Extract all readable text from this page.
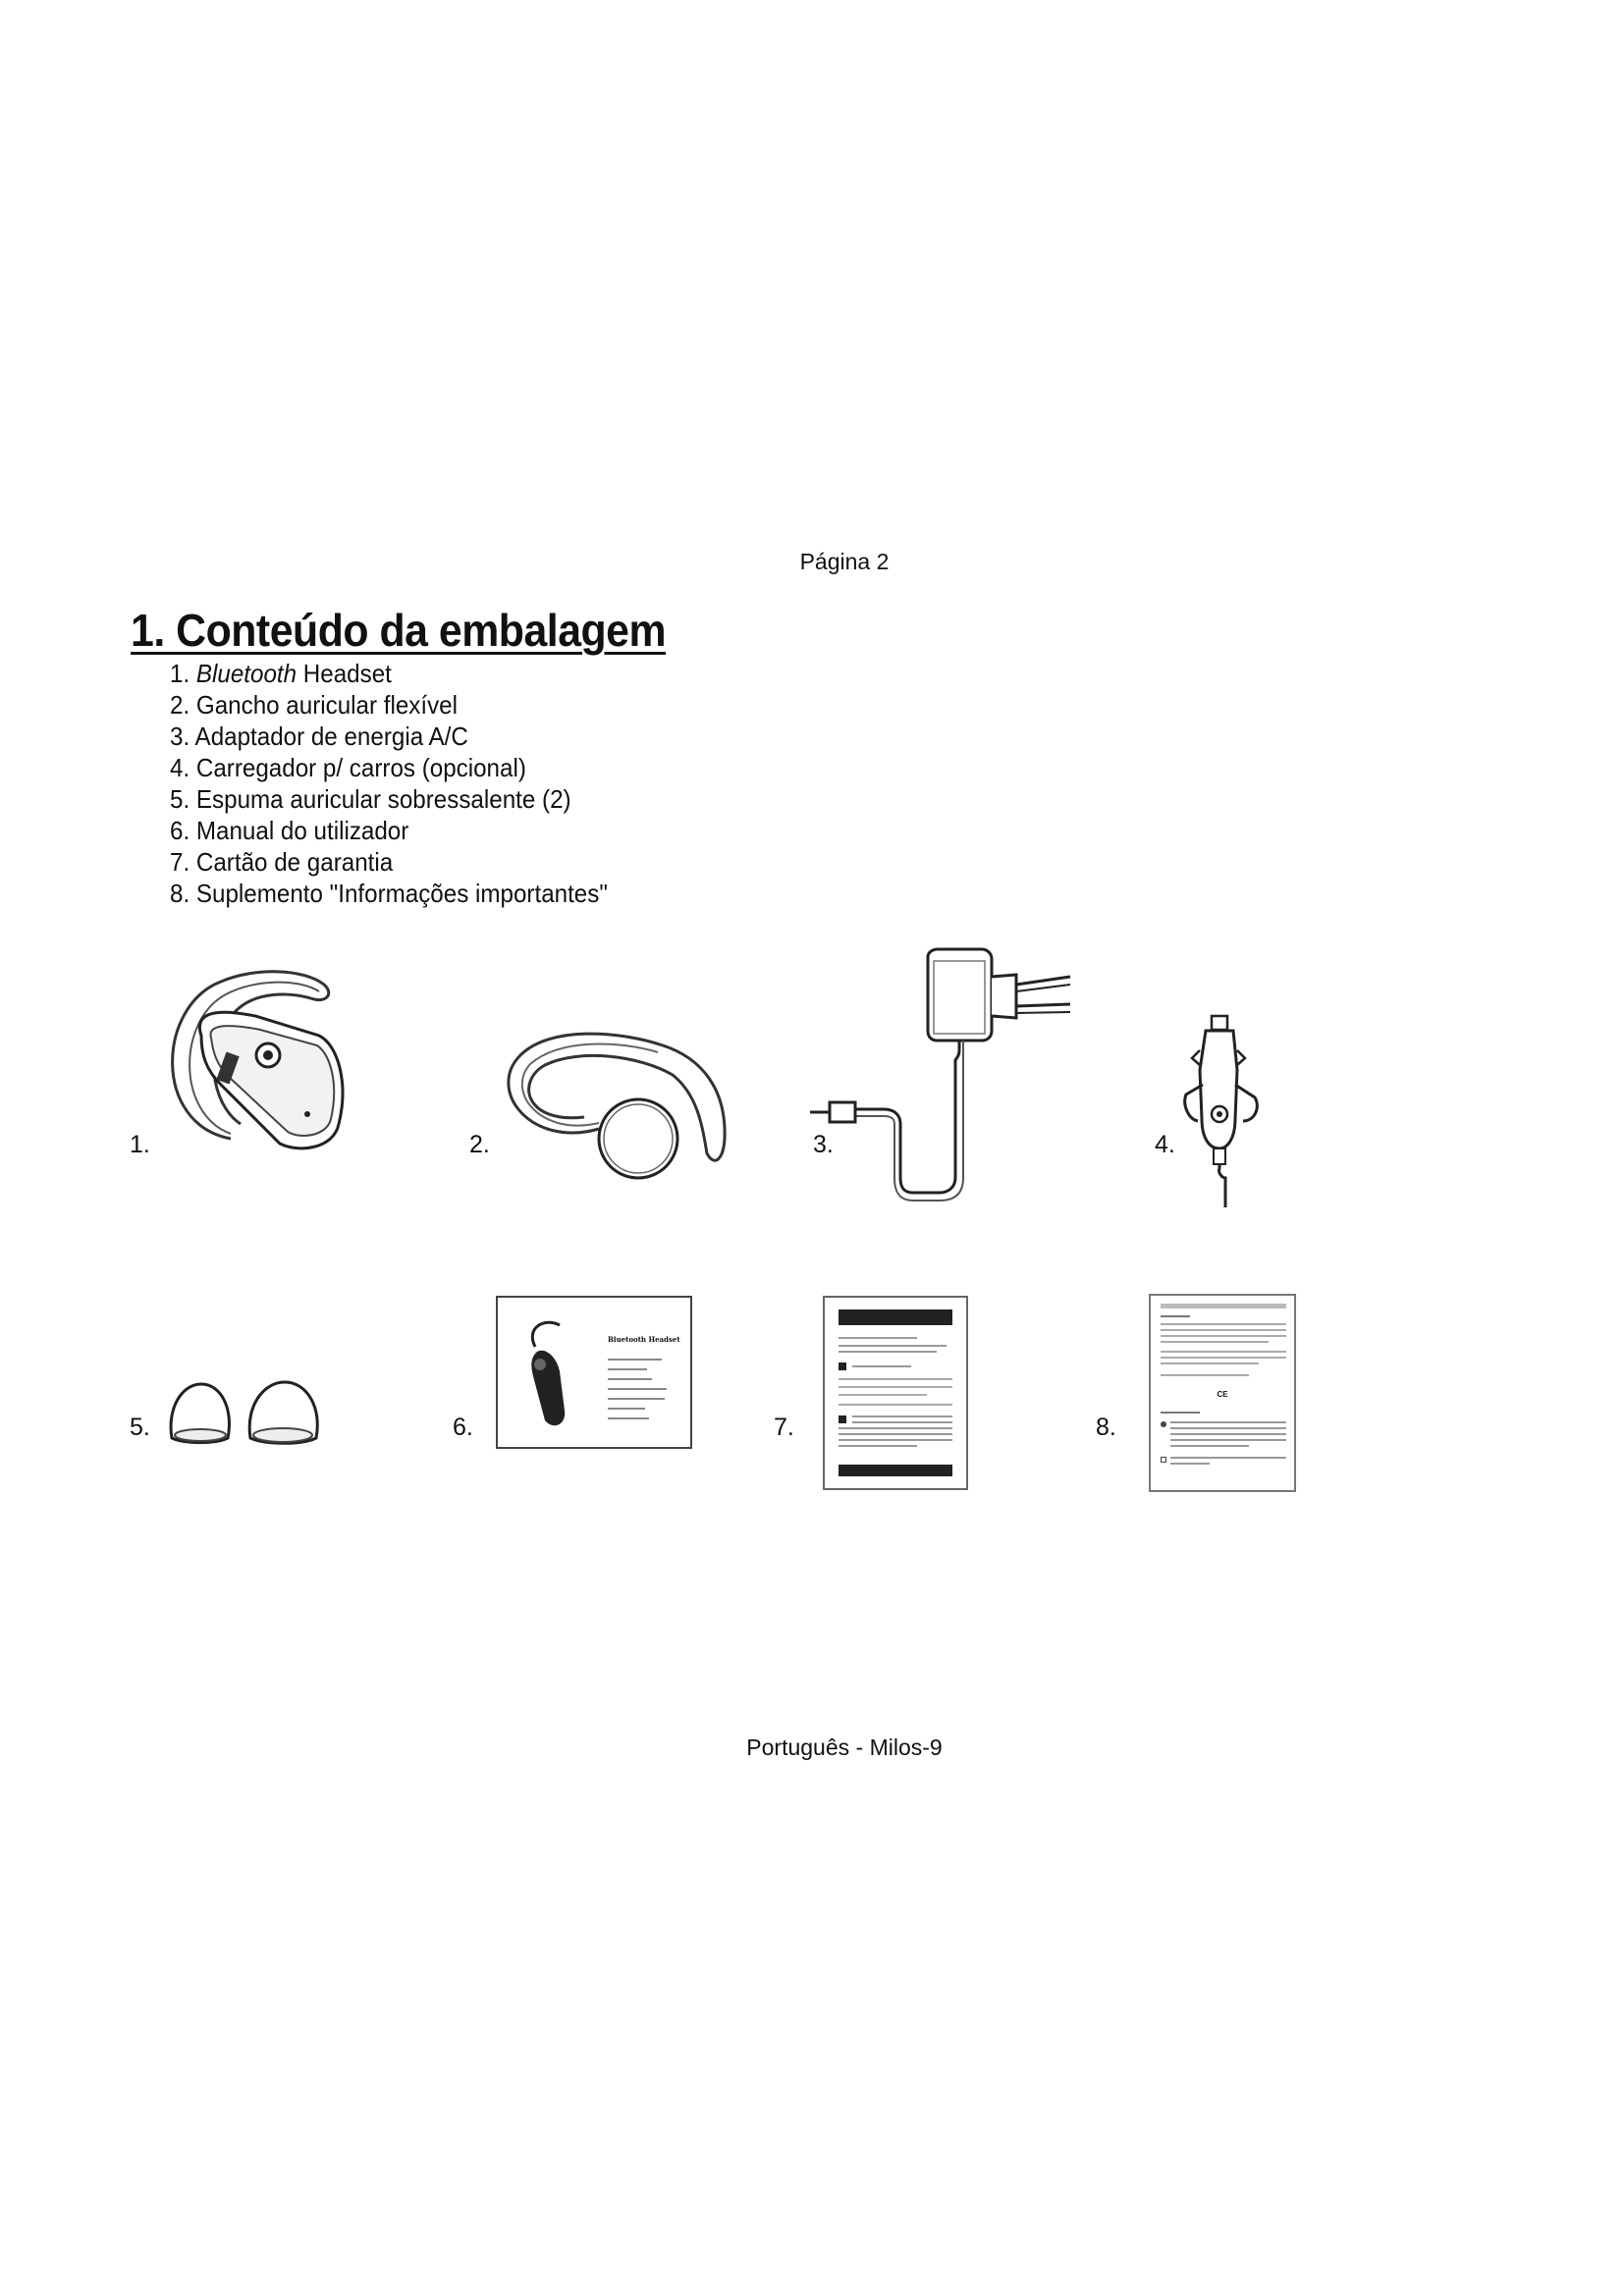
Página 2
1. Conteúdo da embalagem
1. Bluetooth Headset
2. Gancho auricular flexível
3. Adaptador de energia A/C
4. Carregador p/ carros (opcional)
5. Espuma auricular sobressalente (2)
6. Manual do utilizador
7. Cartão de garantia
8. Suplemento "Informações importantes"
1.	2.	3.	4.
5.	6.
Bluetooth Headset
7.	8.
CE
Português - Milos-9
